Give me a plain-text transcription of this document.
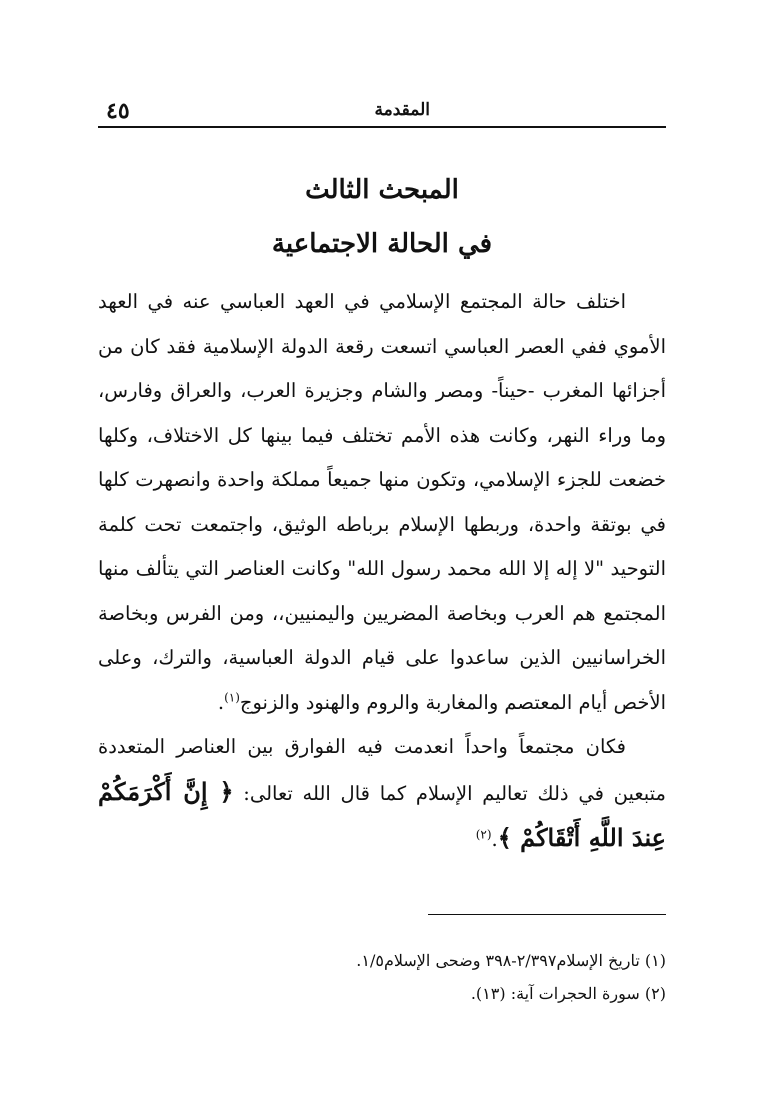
٤٥	المقدمة
المبحث الثالث
في الحالة الاجتماعية

اختلف حالة المجتمع الإسلامي في العهد العباسي عنه في العهد الأموي ففي العصر العباسي اتسعت رقعة الدولة الإسلامية فقد كان من أجزائها المغرب -حيناً- ومصر والشام وجزيرة العرب، والعراق وفارس، وما وراء النهر، وكانت هذه الأمم تختلف فيما بينها كل الاختلاف، وكلها خضعت للجزء الإسلامي، وتكون منها جميعاً مملكة واحدة وانصهرت كلها في بوتقة واحدة، وربطها الإسلام برباطه الوثيق، واجتمعت تحت كلمة التوحيد "لا إله إلا الله محمد رسول الله" وكانت العناصر التي يتألف منها المجتمع هم العرب وبخاصة المضريين واليمنيين،، ومن الفرس وبخاصة الخراسانيين الذين ساعدوا على قيام الدولة العباسية، والترك، وعلى الأخص أيام المعتصم والمغاربة والروم والهنود والزنوج$^{(١)}$.

فكان مجتمعاً واحداً انعدمت فيه الفوارق بين العناصر المتعددة متبعين في ذلك تعاليم الإسلام كما قال الله تعالى: ﴿ إِنَّ أَكْرَمَكُمْ عِندَ اللَّهِ أَتْقَاكُمْ ﴾.$^{(٢)}$

(١) تاريخ الإسلام٢/٣٩٧-٣٩٨ وضحى الإسلام١/٥.
(٢) سورة الحجرات آية: (١٣).
